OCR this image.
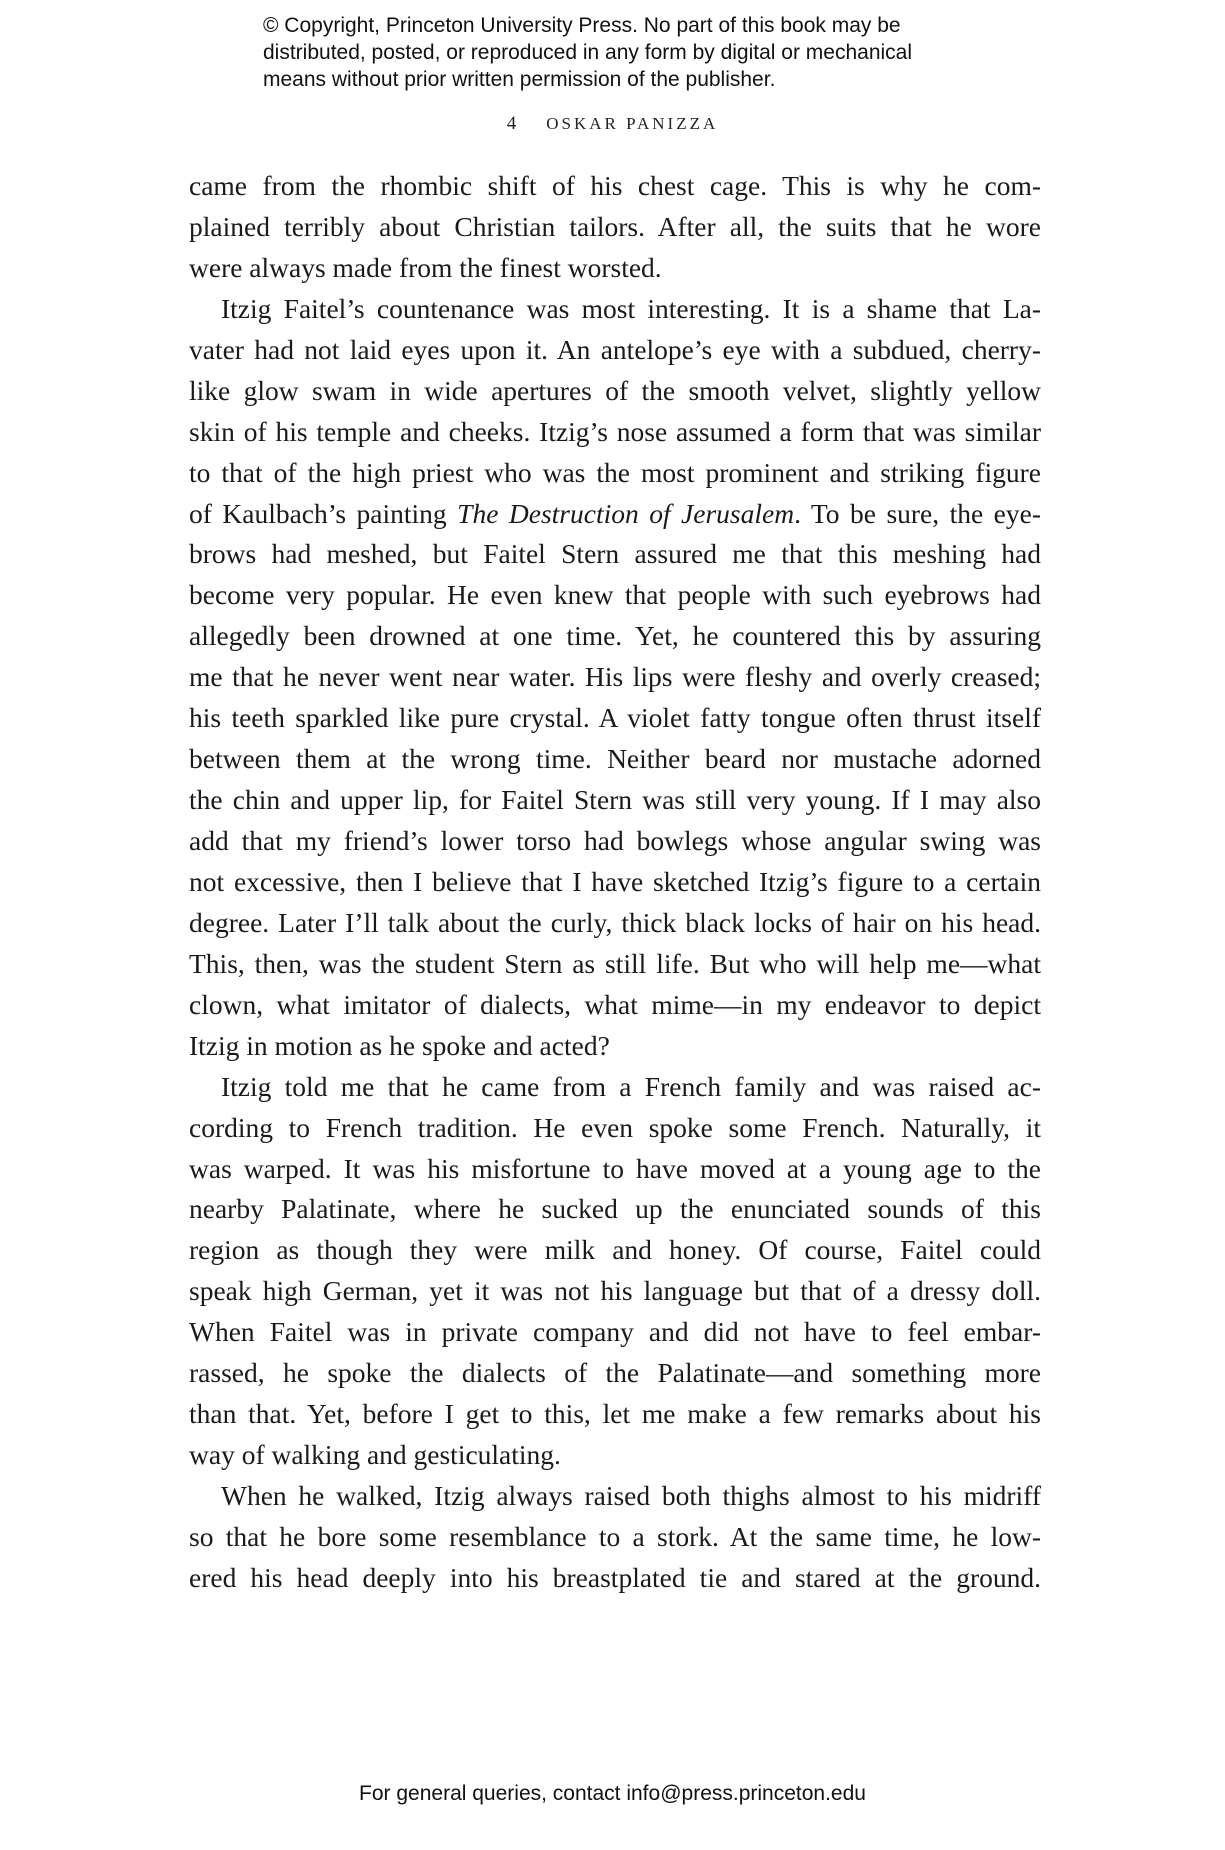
© Copyright, Princeton University Press. No part of this book may be
distributed, posted, or reproduced in any form by digital or mechanical
means without prior written permission of the publisher.
4 OSKAR PANIZZA
came from the rhombic shift of his chest cage. This is why he com-
plained terribly about Christian tailors. After all, the suits that he wore
were always made from the finest worsted.
Itzig Faitel’s countenance was most interesting. It is a shame that La-
vater had not laid eyes upon it. An antelope’s eye with a subdued, cherry-
like glow swam in wide apertures of the smooth velvet, slightly yellow
skin of his temple and cheeks. Itzig’s nose assumed a form that was similar
to that of the high priest who was the most prominent and striking figure
of Kaulbach’s painting The Destruction of Jerusalem. To be sure, the eye-
brows had meshed, but Faitel Stern assured me that this meshing had
become very popular. He even knew that people with such eyebrows had
allegedly been drowned at one time. Yet, he countered this by assuring
me that he never went near water. His lips were fleshy and overly creased;
his teeth sparkled like pure crystal. A violet fatty tongue often thrust itself
between them at the wrong time. Neither beard nor mustache adorned
the chin and upper lip, for Faitel Stern was still very young. If I may also
add that my friend’s lower torso had bowlegs whose angular swing was
not excessive, then I believe that I have sketched Itzig’s figure to a certain
degree. Later I’ll talk about the curly, thick black locks of hair on his head.
This, then, was the student Stern as still life. But who will help me—what
clown, what imitator of dialects, what mime—in my endeavor to depict
Itzig in motion as he spoke and acted?
Itzig told me that he came from a French family and was raised ac-
cording to French tradition. He even spoke some French. Naturally, it
was warped. It was his misfortune to have moved at a young age to the
nearby Palatinate, where he sucked up the enunciated sounds of this
region as though they were milk and honey. Of course, Faitel could
speak high German, yet it was not his language but that of a dressy doll.
When Faitel was in private company and did not have to feel embar-
rassed, he spoke the dialects of the Palatinate—and something more
than that. Yet, before I get to this, let me make a few remarks about his
way of walking and gesticulating.
When he walked, Itzig always raised both thighs almost to his midriff
so that he bore some resemblance to a stork. At the same time, he low-
ered his head deeply into his breastplated tie and stared at the ground.
For general queries, contact info@press.princeton.edu
